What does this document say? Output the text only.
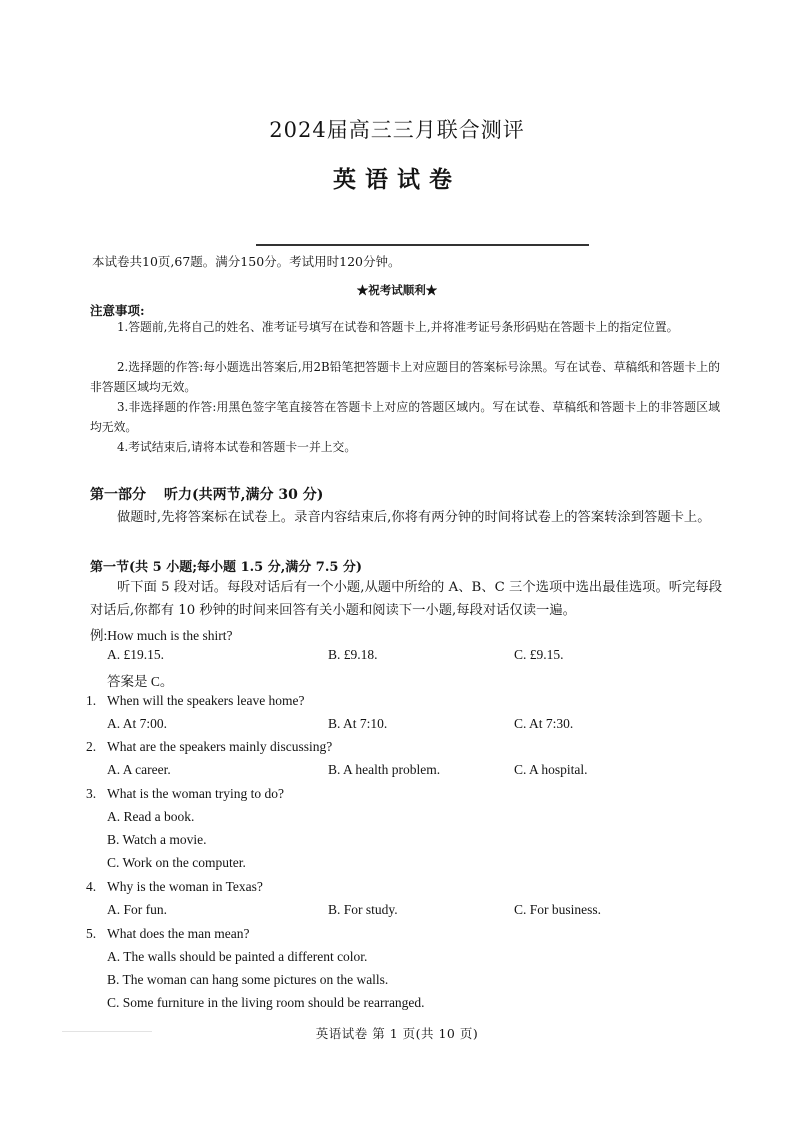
2024届高三三月联合测评
英语试卷
本试卷共10页,67题。满分150分。考试用时120分钟。
★祝考试顺利★
注意事项:
1.答题前,先将自己的姓名、准考证号填写在试卷和答题卡上,并将准考证号条形码贴在答题卡上的指定位置。
2.选择题的作答:每小题选出答案后,用2B铅笔把答题卡上对应题目的答案标号涂黑。写在试卷、草稿纸和答题卡上的非答题区域均无效。
3.非选择题的作答:用黑色签字笔直接答在答题卡上对应的答题区域内。写在试卷、草稿纸和答题卡上的非答题区域均无效。
4.考试结束后,请将本试卷和答题卡一并上交。
第一部分 听力(共两节,满分 30 分)
做题时,先将答案标在试卷上。录音内容结束后,你将有两分钟的时间将试卷上的答案转涂到答题卡上。
第一节(共 5 小题;每小题 1.5 分,满分 7.5 分)
听下面 5 段对话。每段对话后有一个小题,从题中所给的 A、B、C 三个选项中选出最佳选项。听完每段对话后,你都有 10 秒钟的时间来回答有关小题和阅读下一小题,每段对话仅读一遍。
例:How much is the shirt?
A. £19.15.	B. £9.18.	C. £9.15.
答案是 C。
1. When will the speakers leave home?
A. At 7:00.	B. At 7:10.	C. At 7:30.
2. What are the speakers mainly discussing?
A. A career.	B. A health problem.	C. A hospital.
3. What is the woman trying to do?
A. Read a book.
B. Watch a movie.
C. Work on the computer.
4. Why is the woman in Texas?
A. For fun.	B. For study.	C. For business.
5. What does the man mean?
A. The walls should be painted a different color.
B. The woman can hang some pictures on the walls.
C. Some furniture in the living room should be rearranged.
英语试卷 第 1 页(共 10 页)
